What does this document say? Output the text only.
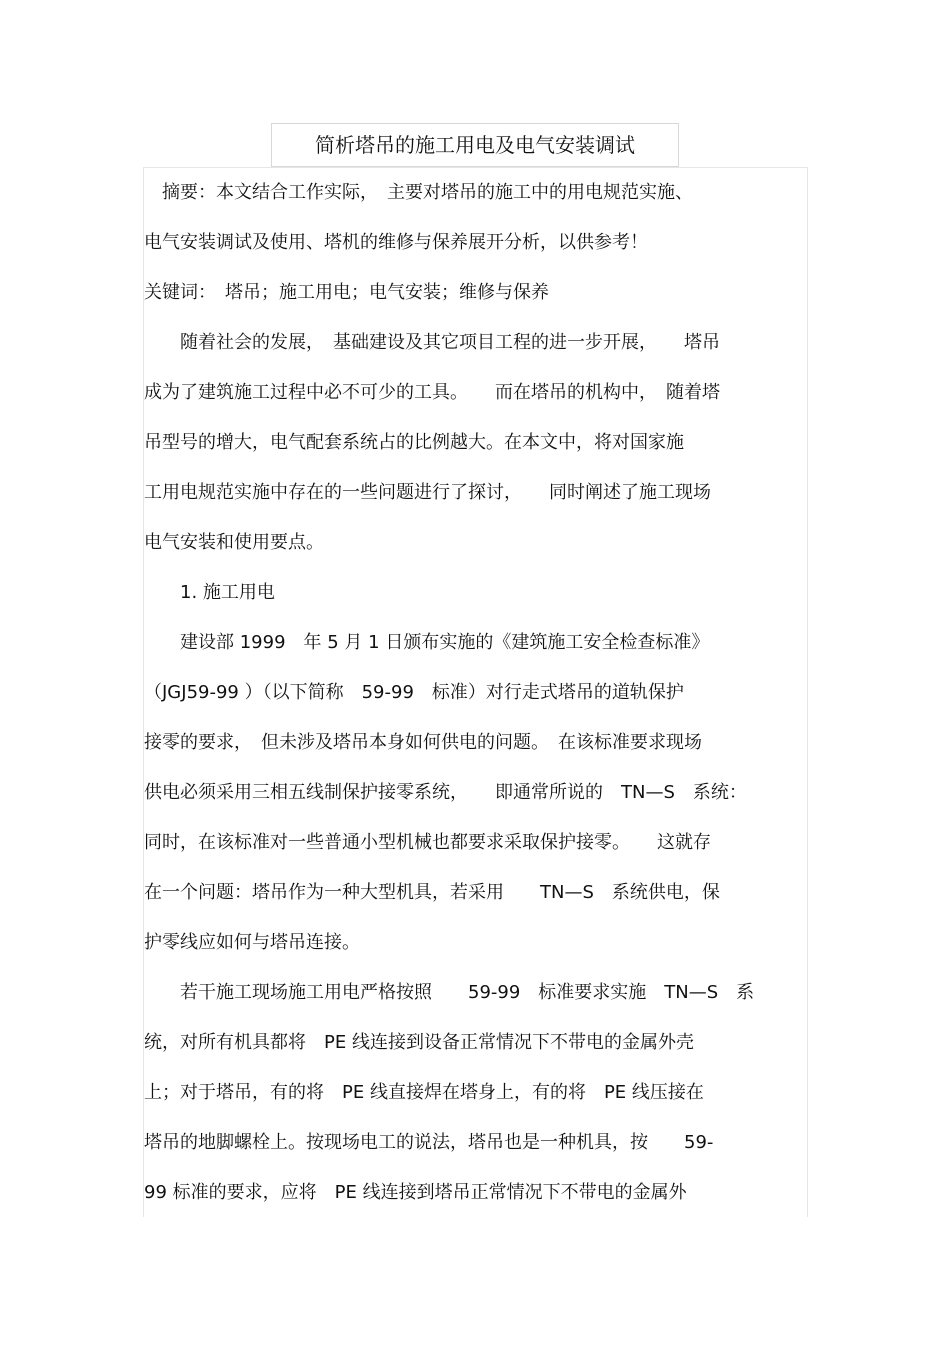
简析塔吊的施工用电及电气安装调试
　摘要：本文结合工作实际，　主要对塔吊的施工中的用电规范实施、
电气安装调试及使用、塔机的维修与保养展开分析，以供参考！
关键词：　塔吊；施工用电；电气安装；维修与保养
　　随着社会的发展，　基础建设及其它项目工程的进一步开展，　　塔吊
成为了建筑施工过程中必不可少的工具。　　而在塔吊的机构中，　随着塔
吊型号的增大，电气配套系统占的比例越大。在本文中，将对国家施
工用电规范实施中存在的一些问题进行了探讨，　　同时阐述了施工现场
电气安装和使用要点。
　　1. 施工用电
　　建设部 1999　年 5 月 1 日颁布实施的《建筑施工安全检查标准》
（JGJ59-99 ）（以下简称　59-99　标准）对行走式塔吊的道轨保护
接零的要求，　但未涉及塔吊本身如何供电的问题。　在该标准要求现场
供电必须采用三相五线制保护接零系统，　　即通常所说的　TN—S　系统：
同时，在该标准对一些普通小型机械也都要求采取保护接零。　　这就存
在一个问题：塔吊作为一种大型机具，若采用　　TN—S　系统供电，保
护零线应如何与塔吊连接。
　　若干施工现场施工用电严格按照　　59-99　标准要求实施　TN—S　系
统，对所有机具都将　PE 线连接到设备正常情况下不带电的金属外壳
上；对于塔吊，有的将　PE 线直接焊在塔身上，有的将　PE 线压接在
塔吊的地脚螺栓上。按现场电工的说法，塔吊也是一种机具，按　　59-
99 标准的要求，应将　PE 线连接到塔吊正常情况下不带电的金属外
